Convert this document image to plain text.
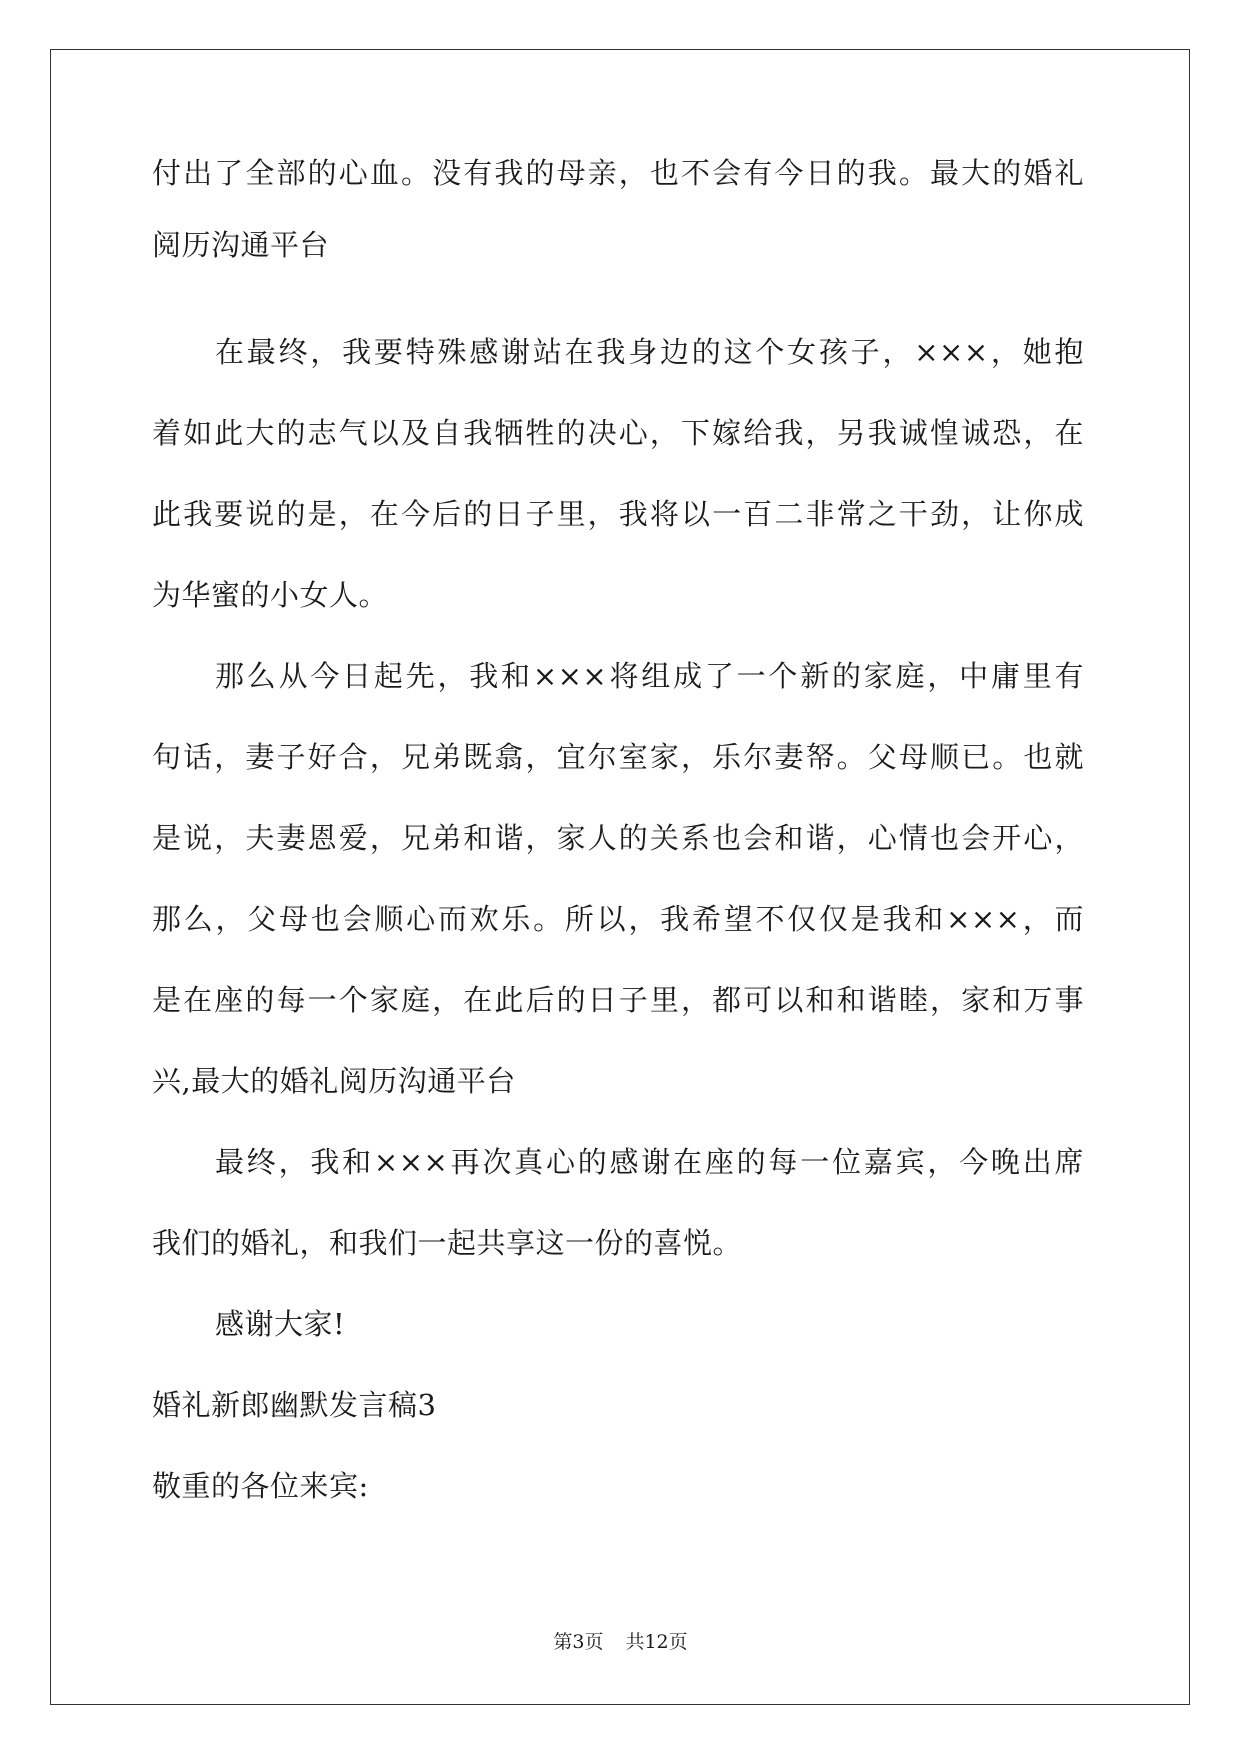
付出了全部的心血。没有我的母亲，也不会有今日的我。最大的婚礼

阅历沟通平台

在最终，我要特殊感谢站在我身边的这个女孩子，×××，她抱

着如此大的志气以及自我牺牲的决心，下嫁给我，另我诚惶诚恐，在

此我要说的是，在今后的日子里，我将以一百二非常之干劲，让你成

为华蜜的小女人。

那么从今日起先，我和×××将组成了一个新的家庭，中庸里有

句话，妻子好合，兄弟既翕，宜尔室家，乐尔妻帑。父母顺已。也就

是说，夫妻恩爱，兄弟和谐，家人的关系也会和谐，心情也会开心，

那么，父母也会顺心而欢乐。所以，我希望不仅仅是我和×××，而

是在座的每一个家庭，在此后的日子里，都可以和和谐睦，家和万事

兴,最大的婚礼阅历沟通平台

最终，我和×××再次真心的感谢在座的每一位嘉宾，今晚出席

我们的婚礼，和我们一起共享这一份的喜悦。

感谢大家!

婚礼新郎幽默发言稿3

敬重的各位来宾:

第3页 共12页
